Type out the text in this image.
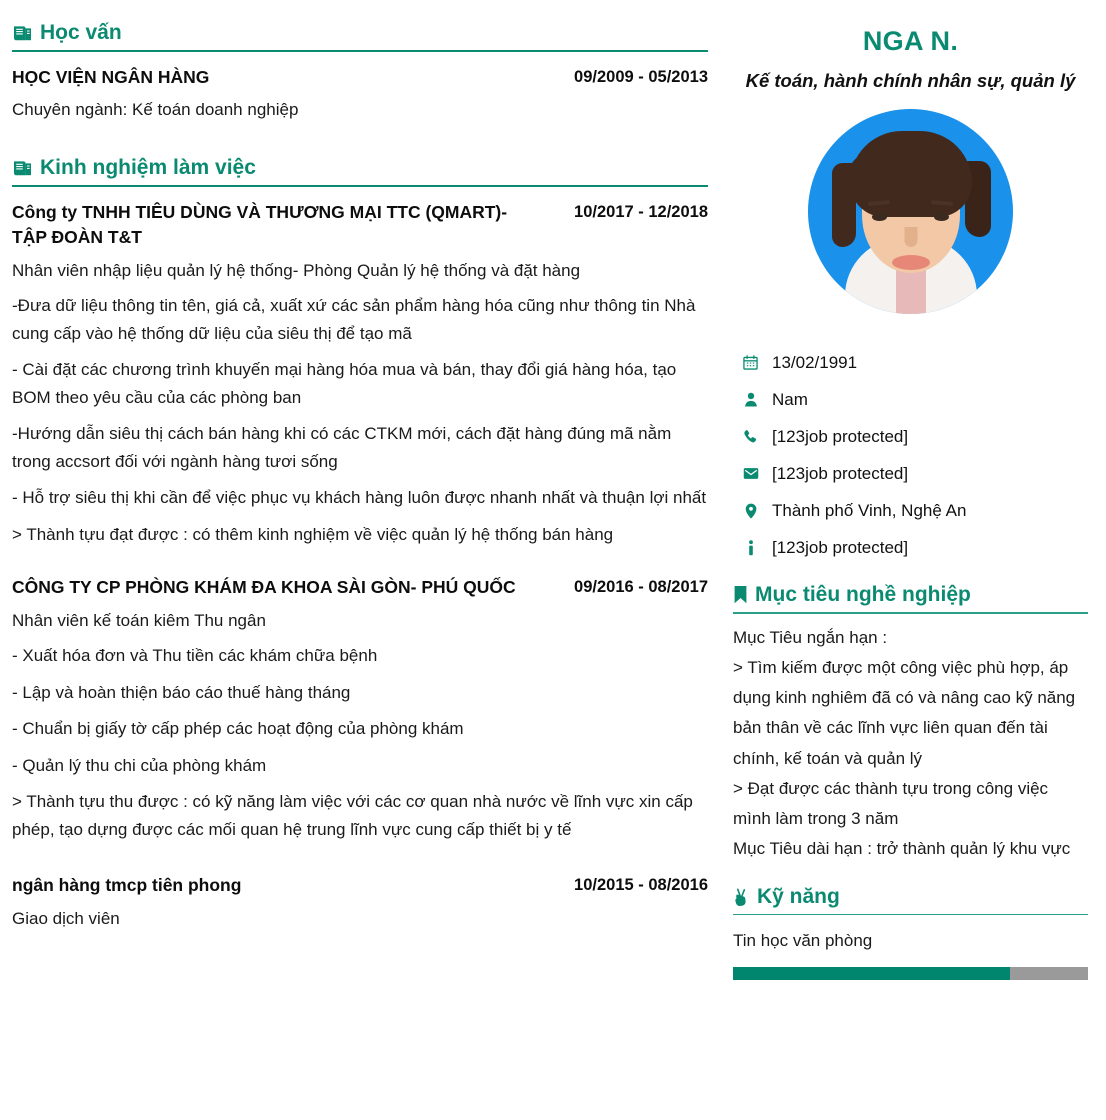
Học vấn
HỌC VIỆN NGÂN HÀNG	09/2009 - 05/2013
Chuyên ngành: Kế toán doanh nghiệp
Kinh nghiệm làm việc
Công ty TNHH TIÊU DÙNG VÀ THƯƠNG MẠI TTC (QMART)- TẬP ĐOÀN T&T
10/2017 - 12/2018
Nhân viên nhập liệu quản lý hệ thống- Phòng Quản lý hệ thống và đặt hàng

-Đưa dữ liệu thông tin tên, giá cả, xuất xứ các sản phẩm hàng hóa cũng như thông tin Nhà cung cấp vào hệ thống dữ liệu của siêu thị để tạo mã

- Cài đặt các chương trình khuyến mại hàng hóa mua và bán, thay đổi giá hàng hóa, tạo BOM theo yêu cầu của các phòng ban

-Hướng dẫn siêu thị cách bán hàng khi có các CTKM mới, cách đặt hàng đúng mã nằm trong accsort đối với ngành hàng tươi sống

- Hỗ trợ siêu thị khi cần để việc phục vụ khách hàng luôn được nhanh nhất và thuận lợi nhất

> Thành tựu đạt được : có thêm kinh nghiệm về việc quản lý hệ thống bán hàng

CÔNG TY CP PHÒNG KHÁM ĐA KHOA SÀI GÒN- PHÚ QUỐC	09/2016 - 08/2017
Nhân viên kế toán kiêm Thu ngân

- Xuất hóa đơn và Thu tiền các khám chữa bệnh

- Lập và hoàn thiện báo cáo thuế hàng tháng

- Chuẩn bị giấy tờ cấp phép các hoạt động của phòng khám

- Quản lý thu chi của phòng khám

> Thành tựu thu được : có kỹ năng làm việc với các cơ quan nhà nước về lĩnh vực xin cấp phép, tạo dựng được các mối quan hệ trung lĩnh vực cung cấp thiết bị y tế

ngân hàng tmcp tiên phong	10/2015 - 08/2016
Giao dịch viên
NGA N.
Kế toán, hành chính nhân sự, quản lý
13/02/1991
Nam
[123job protected]
[123job protected]
Thành phố Vinh, Nghệ An
[123job protected]
Mục tiêu nghề nghiệp

Mục Tiêu ngắn hạn :

> Tìm kiếm được một công việc phù hợp, áp dụng kinh nghiêm đã có và nâng cao kỹ năng bản thân về các lĩnh vực liên quan đến tài chính, kế toán và quản lý

> Đạt được các thành tựu trong công việc mình làm trong 3 năm

Mục Tiêu dài hạn : trở thành quản lý khu vực

Kỹ năng
Tin học văn phòng
